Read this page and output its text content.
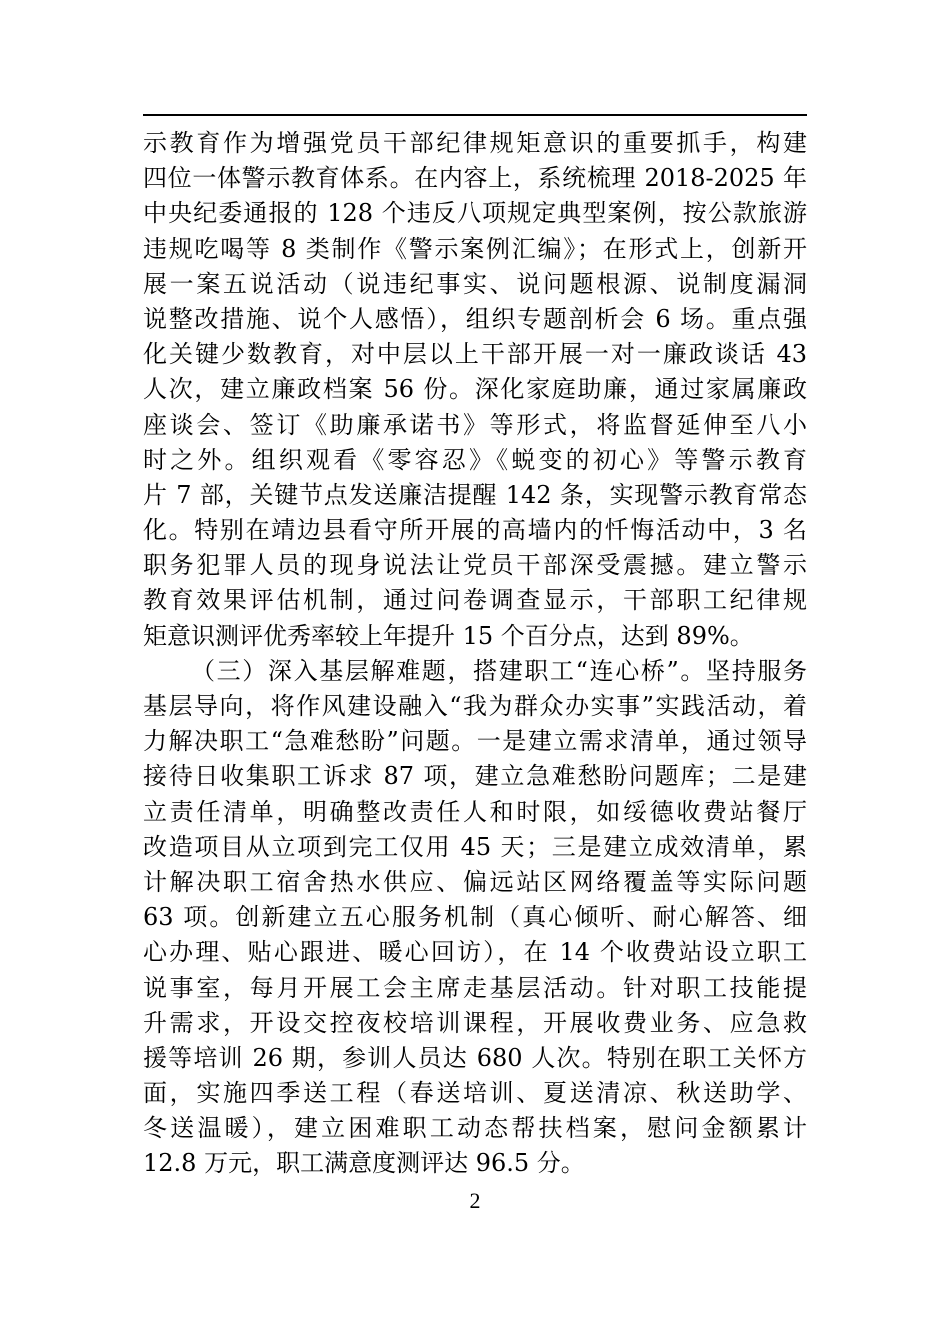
示教育作为增强党员干部纪律规矩意识的重要抓手，构建
四位一体警示教育体系。在内容上，系统梳理 2018-2025 年
中央纪委通报的 128 个违反八项规定典型案例，按公款旅游
违规吃喝等 8 类制作《警示案例汇编》；在形式上，创新开
展一案五说活动（说违纪事实、说问题根源、说制度漏洞
说整改措施、说个人感悟），组织专题剖析会 6 场。重点强
化关键少数教育，对中层以上干部开展一对一廉政谈话 43
人次，建立廉政档案 56 份。深化家庭助廉，通过家属廉政
座谈会、签订《助廉承诺书》等形式，将监督延伸至八小
时之外。组织观看《零容忍》《蜕变的初心》等警示教育
片 7 部，关键节点发送廉洁提醒 142 条，实现警示教育常态
化。特别在靖边县看守所开展的高墙内的忏悔活动中，3 名
职务犯罪人员的现身说法让党员干部深受震撼。建立警示
教育效果评估机制，通过问卷调查显示，干部职工纪律规
矩意识测评优秀率较上年提升 15 个百分点，达到 89%。
（三）深入基层解难题，搭建职工“连心桥”。坚持服务
基层导向，将作风建设融入“我为群众办实事”实践活动，着
力解决职工“急难愁盼”问题。一是建立需求清单，通过领导
接待日收集职工诉求 87 项，建立急难愁盼问题库；二是建
立责任清单，明确整改责任人和时限，如绥德收费站餐厅
改造项目从立项到完工仅用 45 天；三是建立成效清单，累
计解决职工宿舍热水供应、偏远站区网络覆盖等实际问题
63 项。创新建立五心服务机制（真心倾听、耐心解答、细
心办理、贴心跟进、暖心回访），在 14 个收费站设立职工
说事室，每月开展工会主席走基层活动。针对职工技能提
升需求，开设交控夜校培训课程，开展收费业务、应急救
援等培训 26 期，参训人员达 680 人次。特别在职工关怀方
面，实施四季送工程（春送培训、夏送清凉、秋送助学、
冬送温暖），建立困难职工动态帮扶档案，慰问金额累计
12.8 万元，职工满意度测评达 96.5 分。
2
